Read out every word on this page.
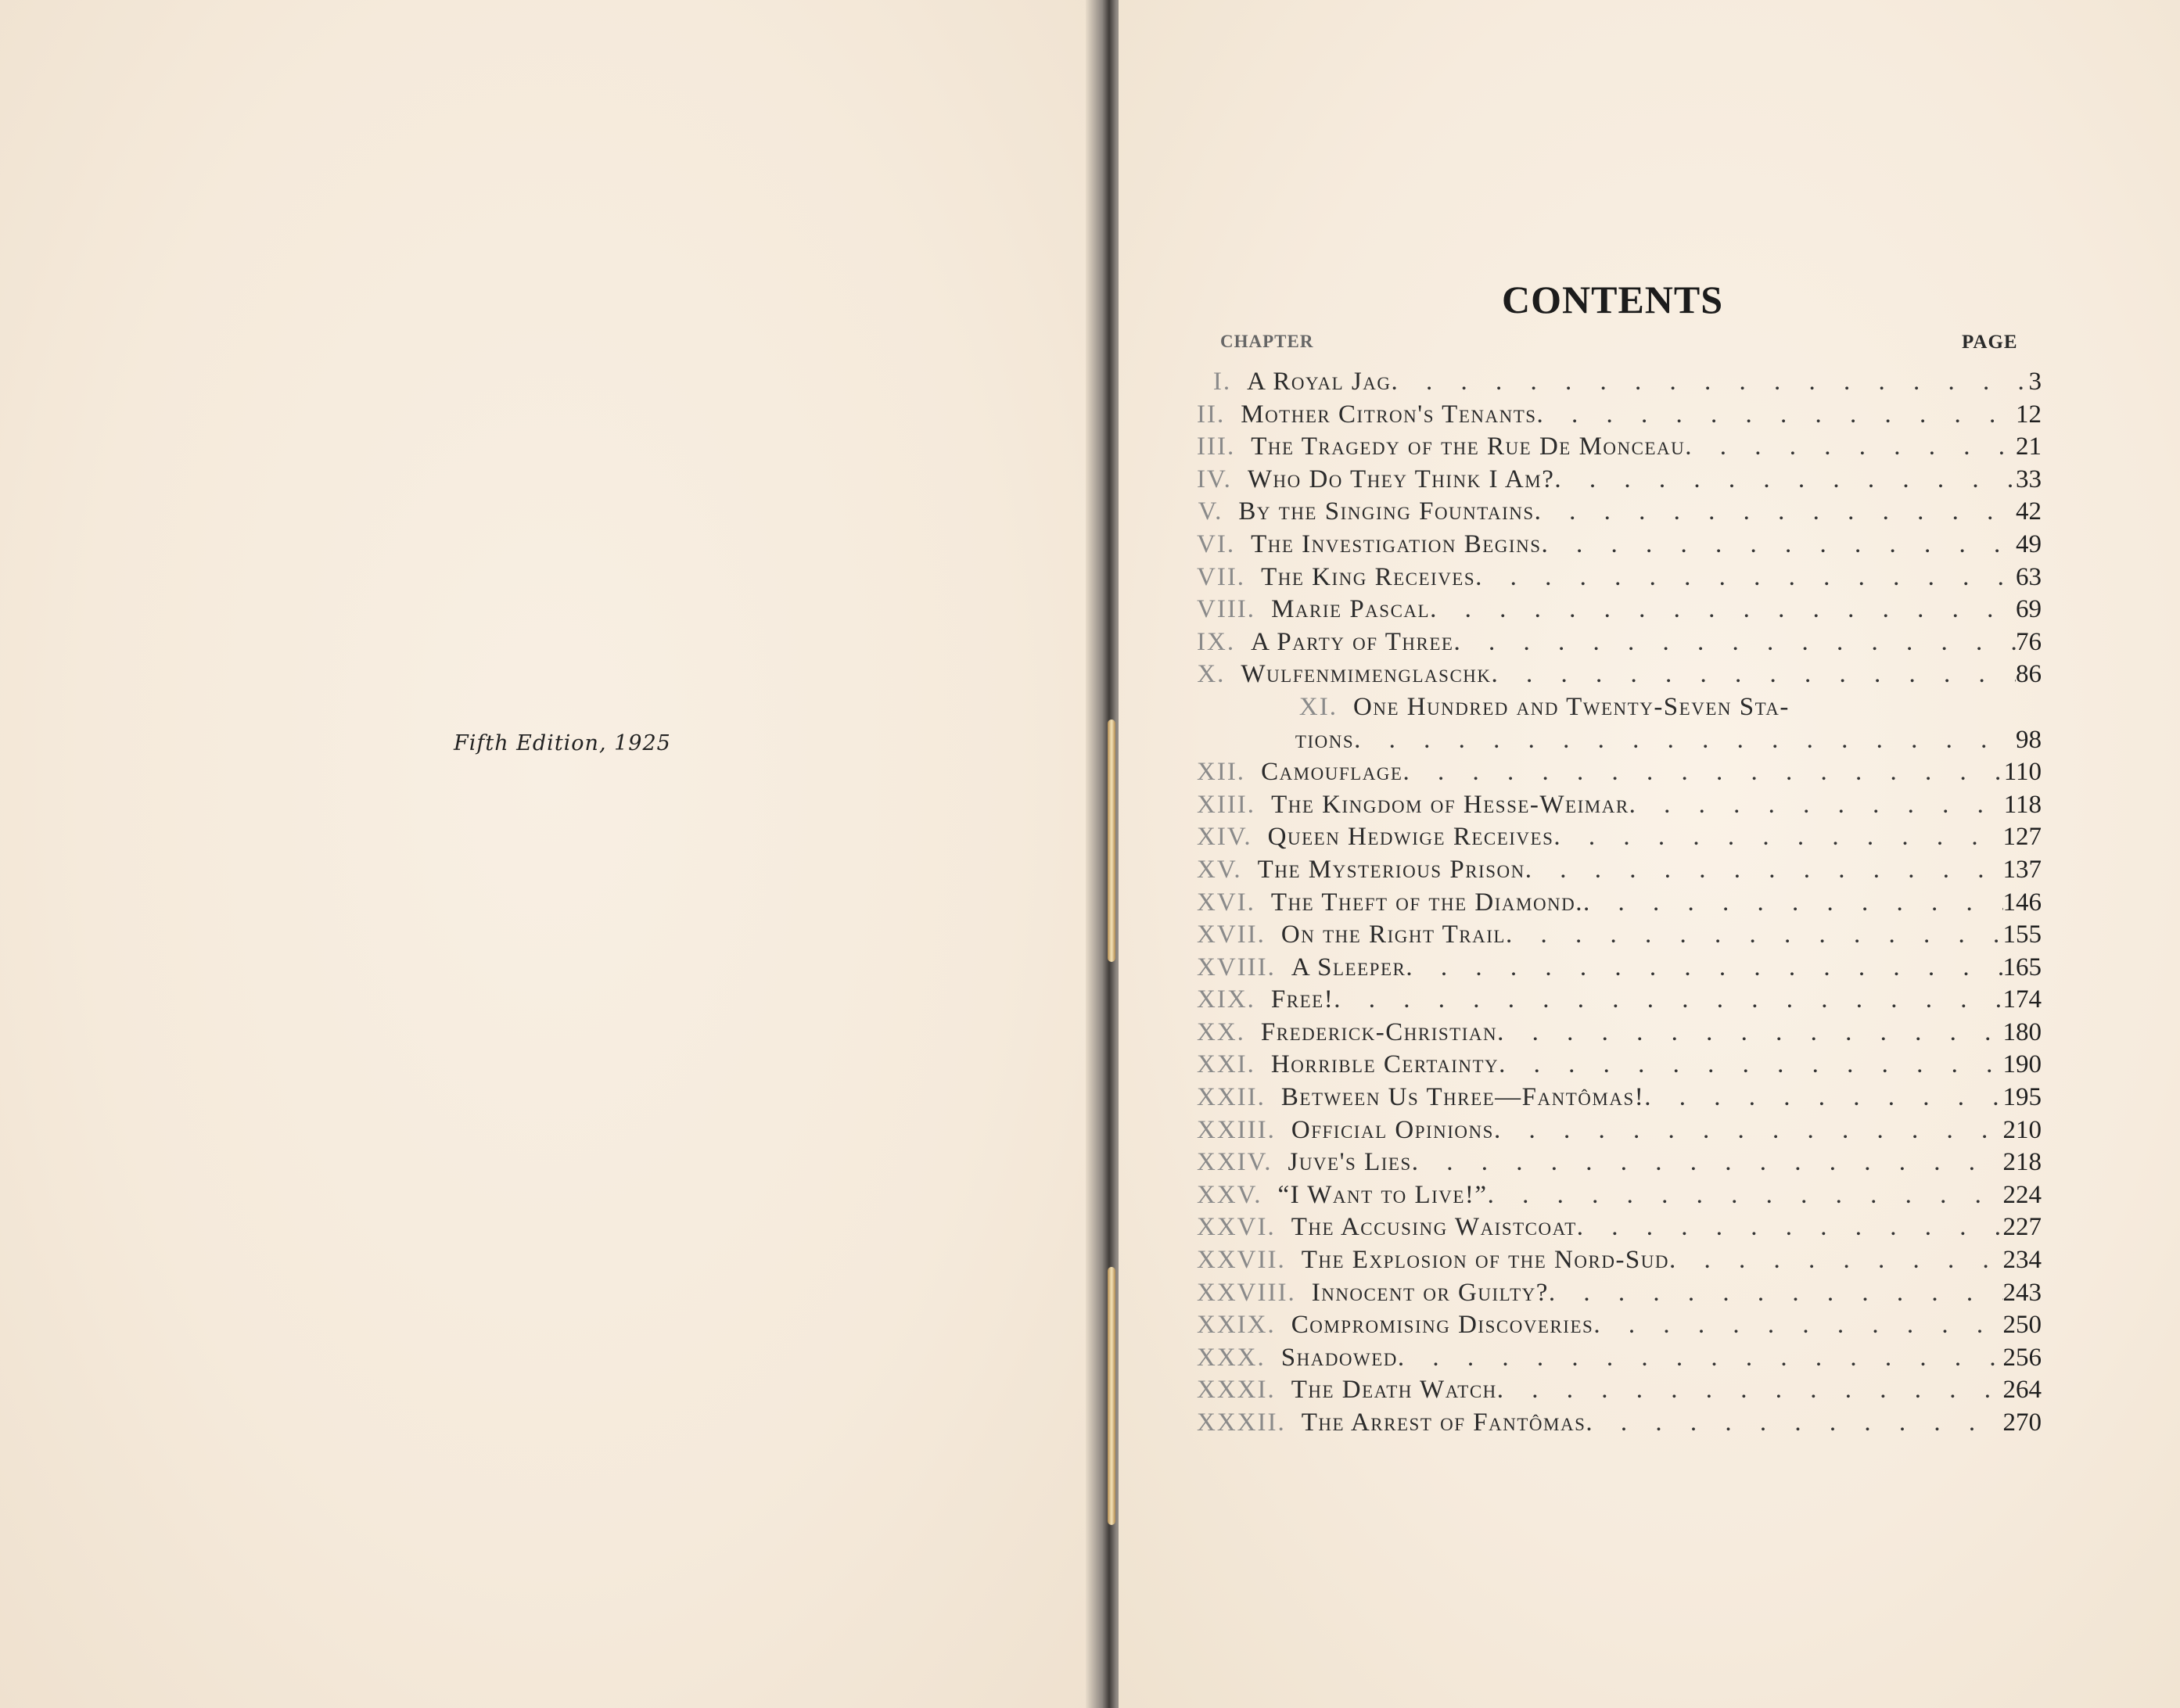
Fifth Edition, 1925
CONTENTS
CHAPTER	PAGE
I. A Royal Jag . . .	3
II. Mother Citron's Tenants . . .	12
III. The Tragedy of the Rue De Monceau . . .	21
IV. Who Do They Think I Am? . . .	33
V. By the Singing Fountains . . .	42
VI. The Investigation Begins . . .	49
VII. The King Receives . . .	63
VIII. Marie Pascal . . .	69
IX. A Party of Three . . .	76
X. Wulfenmimenglaschk . . .	86
XI. One Hundred and Twenty-Seven Sta-
tions . . .	98
XII. Camouflage . . .	110
XIII. The Kingdom of Hesse-Weimar . . .	118
XIV. Queen Hedwige Receives . . .	127
XV. The Mysterious Prison . . .	137
XVI. The Theft of the Diamond. . . .	146
XVII. On the Right Trail . . .	155
XVIII. A Sleeper . . .	165
XIX. Free! . . .	174
XX. Frederick-Christian . . .	180
XXI. Horrible Certainty . . .	190
XXII. Between Us Three—Fantômas! . . .	195
XXIII. Official Opinions . . .	210
XXIV. Juve's Lies . . .	218
XXV. “I Want to Live!” . . .	224
XXVI. The Accusing Waistcoat . . .	227
XXVII. The Explosion of the Nord-Sud . . .	234
XXVIII. Innocent or Guilty? . . .	243
XXIX. Compromising Discoveries . . .	250
XXX. Shadowed . . .	256
XXXI. The Death Watch . . .	264
XXXII. The Arrest of Fantômas . . .	270
